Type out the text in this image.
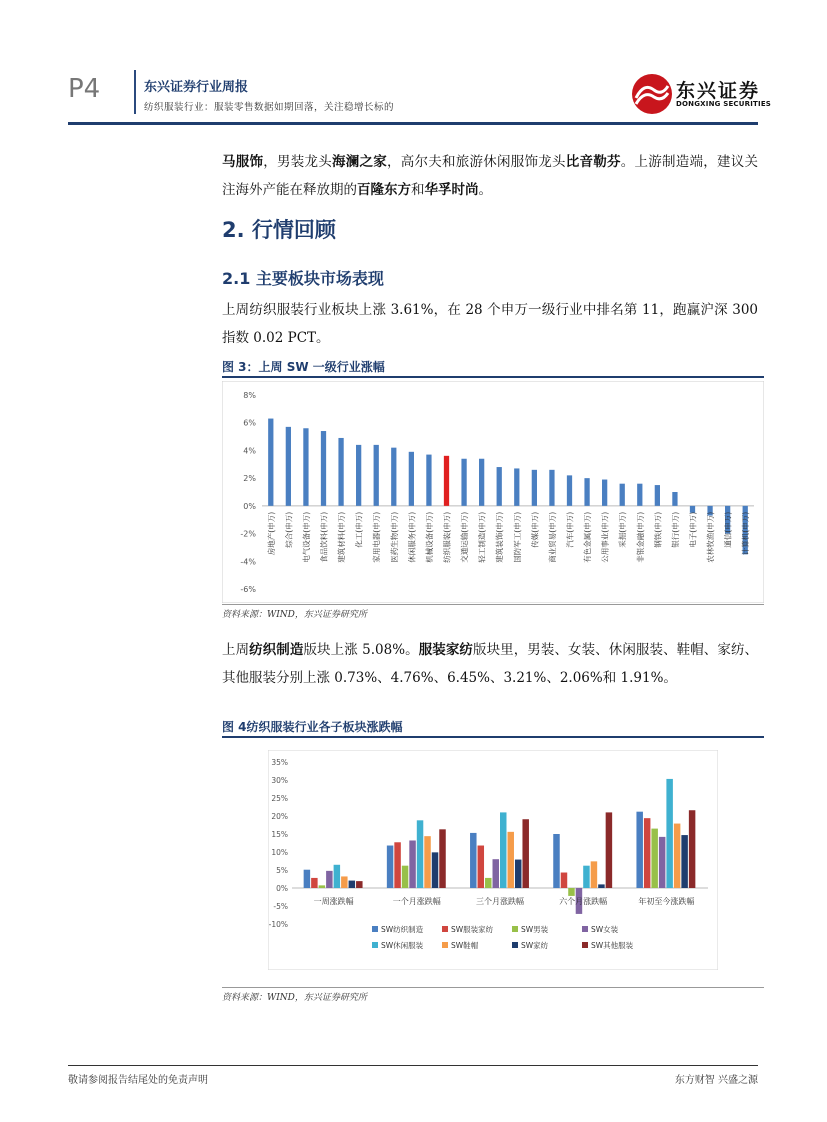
P4	东兴证券行业周报
纺织服装行业：服装零售数据如期回落，关注稳增长标的
东兴证券
DONGXING SECURITIES
马服饰，男装龙头海澜之家，高尔夫和旅游休闲服饰龙头比音勒芬。上游制造端，建议关注海外产能在释放期的百隆东方和华孚时尚。
2. 行情回顾
2.1 主要板块市场表现
上周纺织服装行业板块上涨 3.61%，在 28 个申万一级行业中排名第 11，跑赢沪深 300 指数 0.02 PCT。
图 3：上周 SW 一级行业涨幅
8%
6%
4%
2%
0%
-2%
-4%
-6%
房地产(申万) 综合(申万) 电气设备(申万) 食品饮料(申万) 建筑材料(申万) 化工(申万) 家用电器(申万) 医药生物(申万) 休闲服务(申万) 机械设备(申万) 纺织服装(申万) 交通运输(申万) 轻工制造(申万) 建筑装饰(申万) 国防军工(申万) 传媒(申万) 商业贸易(申万) 汽车(申万) 有色金属(申万) 公用事业(申万) 采掘(申万) 非银金融(申万) 钢铁(申万) 银行(申万) 电子(申万) 农林牧渔(申万) 通信(申万) 计算机(申万)
资料来源：WIND，东兴证券研究所
上周纺织制造版块上涨 5.08%。服装家纺版块里，男装、女装、休闲服装、鞋帽、家纺、其他服装分别上涨 0.73%、4.76%、6.45%、3.21%、2.06%和 1.91%。
图 4纺织服装行业各子板块涨跌幅
35%
30%
25%
20%
15%
10%
5%
0%
-5%
-10%
一周涨跌幅	一个月涨跌幅	三个月涨跌幅	六个月涨跌幅	年初至今涨跌幅
SW纺织制造	SW服装家纺	SW男装	SW女装
SW休闲服装	SW鞋帽	SW家纺	SW其他服装
资料来源：WIND，东兴证券研究所
敬请参阅报告结尾处的免责声明	东方财智 兴盛之源
